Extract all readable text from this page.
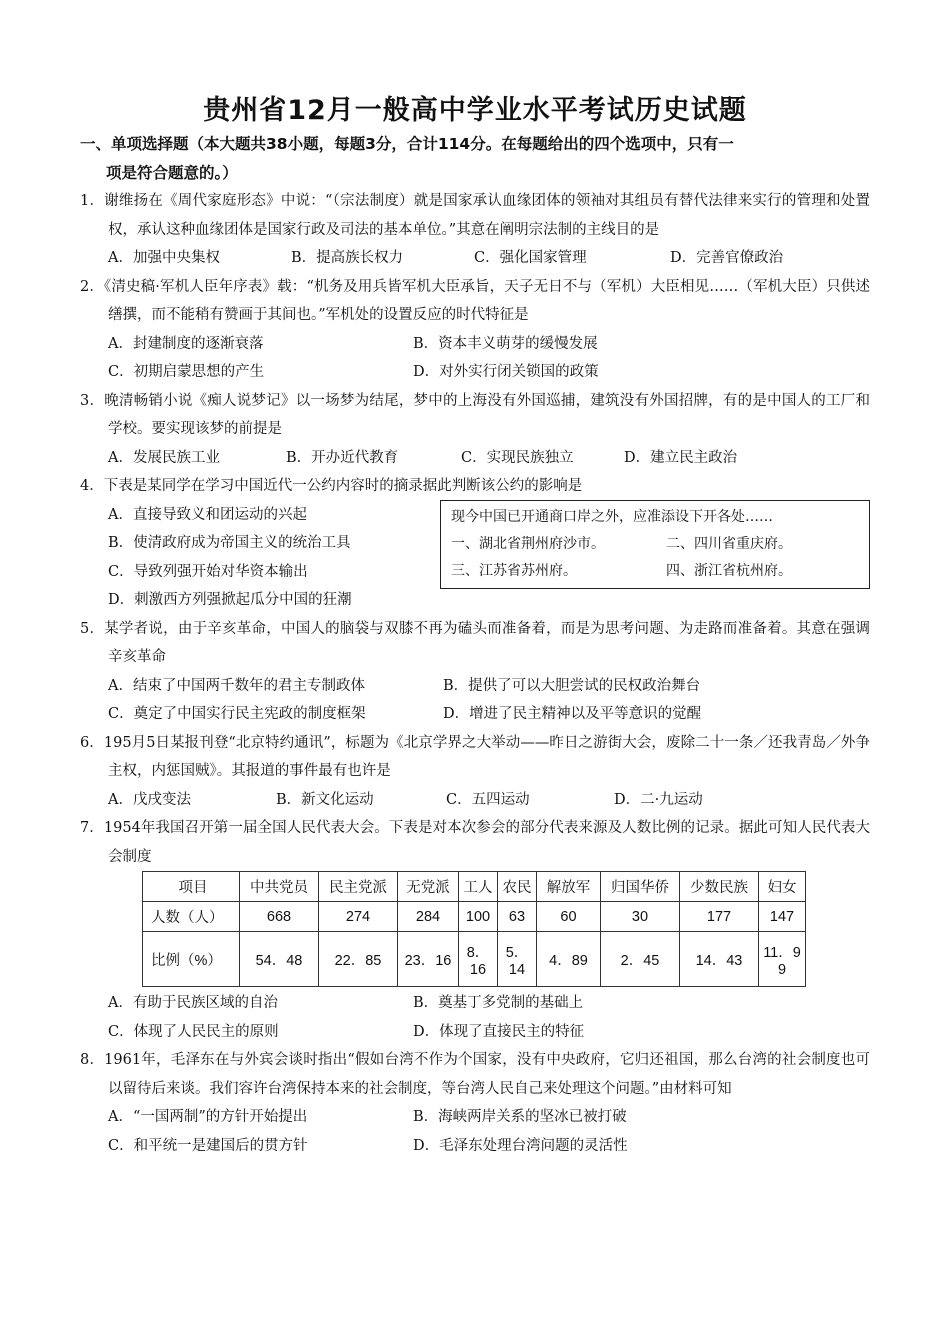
贵州省12月一般高中学业水平考试历史试题
一、单项选择题（本大题共38小题，每题3分，合计114分。在每题给出的四个选项中，只有一
项是符合题意的。）
1．谢维扬在《周代家庭形态》中说：“（宗法制度）就是国家承认血缘团体的领袖对其组员有替代法律来实行的管理和处置权，承认这种血缘团体是国家行政及司法的基本单位。”其意在阐明宗法制的主线目的是
A．加强中央集权	B．提高族长权力	C．强化国家管理	D．完善官僚政治
2．《清史稿·军机人臣年序表》载：“机务及用兵皆军机大臣承旨，天子无日不与（军机）大臣相见……（军机大臣）只供述缮撰，而不能稍有赞画于其间也。”军机处的设置反应的时代特征是
A．封建制度的逐渐衰落	B．资本丰义萌芽的缓慢发展
C．初期启蒙思想的产生	D．对外实行闭关锁国的政策
3．晚清畅销小说《痴人说梦记》以一场梦为结尾，梦中的上海没有外国巡捕，建筑没有外国招牌，有的是中国人的工厂和学校。要实现该梦的前提是
A．发展民族工业	B．开办近代教育	C．实现民族独立	D．建立民主政治
4．下表是某同学在学习中国近代一公约内容时的摘录据此判断该公约的影响是
A．直接导致义和团运动的兴起
B．使清政府成为帝国主义的统治工具
C．导致列强开始对华资本输出
D．刺激西方列强掀起瓜分中国的狂潮
现今中国已开通商口岸之外，应准添设下开各处……
一、湖北省荆州府沙市。	二、四川省重庆府。
三、江苏省苏州府。	四、浙江省杭州府。
5．某学者说，由于辛亥革命，中国人的脑袋与双膝不再为磕头而准备着，而是为思考问题、为走路而准备着。其意在强调辛亥革命
A．结束了中国两千数年的君主专制政体	B．提供了可以大胆尝试的民权政治舞台
C．奠定了中国实行民主宪政的制度框架	D．增进了民主精神以及平等意识的觉醒
6．195月5日某报刊登“北京特约通讯”，标题为《北京学界之大举动——昨日之游街大会，废除二十一条／还我青岛／外争主权，内惩国贼》。其报道的事件最有也许是
A．戊戌变法	B．新文化运动	C．五四运动	D．二·九运动
7．1954年我国召开第一届全国人民代表大会。下表是对本次参会的部分代表来源及人数比例的记录。据此可知人民代表大会制度
项目	中共党员	民主党派	无党派	工人	农民	解放军	归国华侨	少数民族	妇女
人数（人）	668	274	284	100	63	60	30	177	147
比例（%）	54．48	22．85	23．16	8．16	5．14	4．89	2．45	14．43	11．99
A．有助于民族区域的自治	B．奠基丁多党制的基础上
C．体现了人民民主的原则	D．体现了直接民主的特征
8．1961年，毛泽东在与外宾会谈时指出“假如台湾不作为个国家，没有中央政府，它归还祖国，那么台湾的社会制度也可以留待后来谈。我们容许台湾保持本来的社会制度，等台湾人民自己来处理这个问题。”由材料可知
A．“一国两制”的方针开始提出	B．海峡两岸关系的坚冰已被打破
C．和平统一是建国后的贯方针	D．毛泽东处理台湾问题的灵活性
